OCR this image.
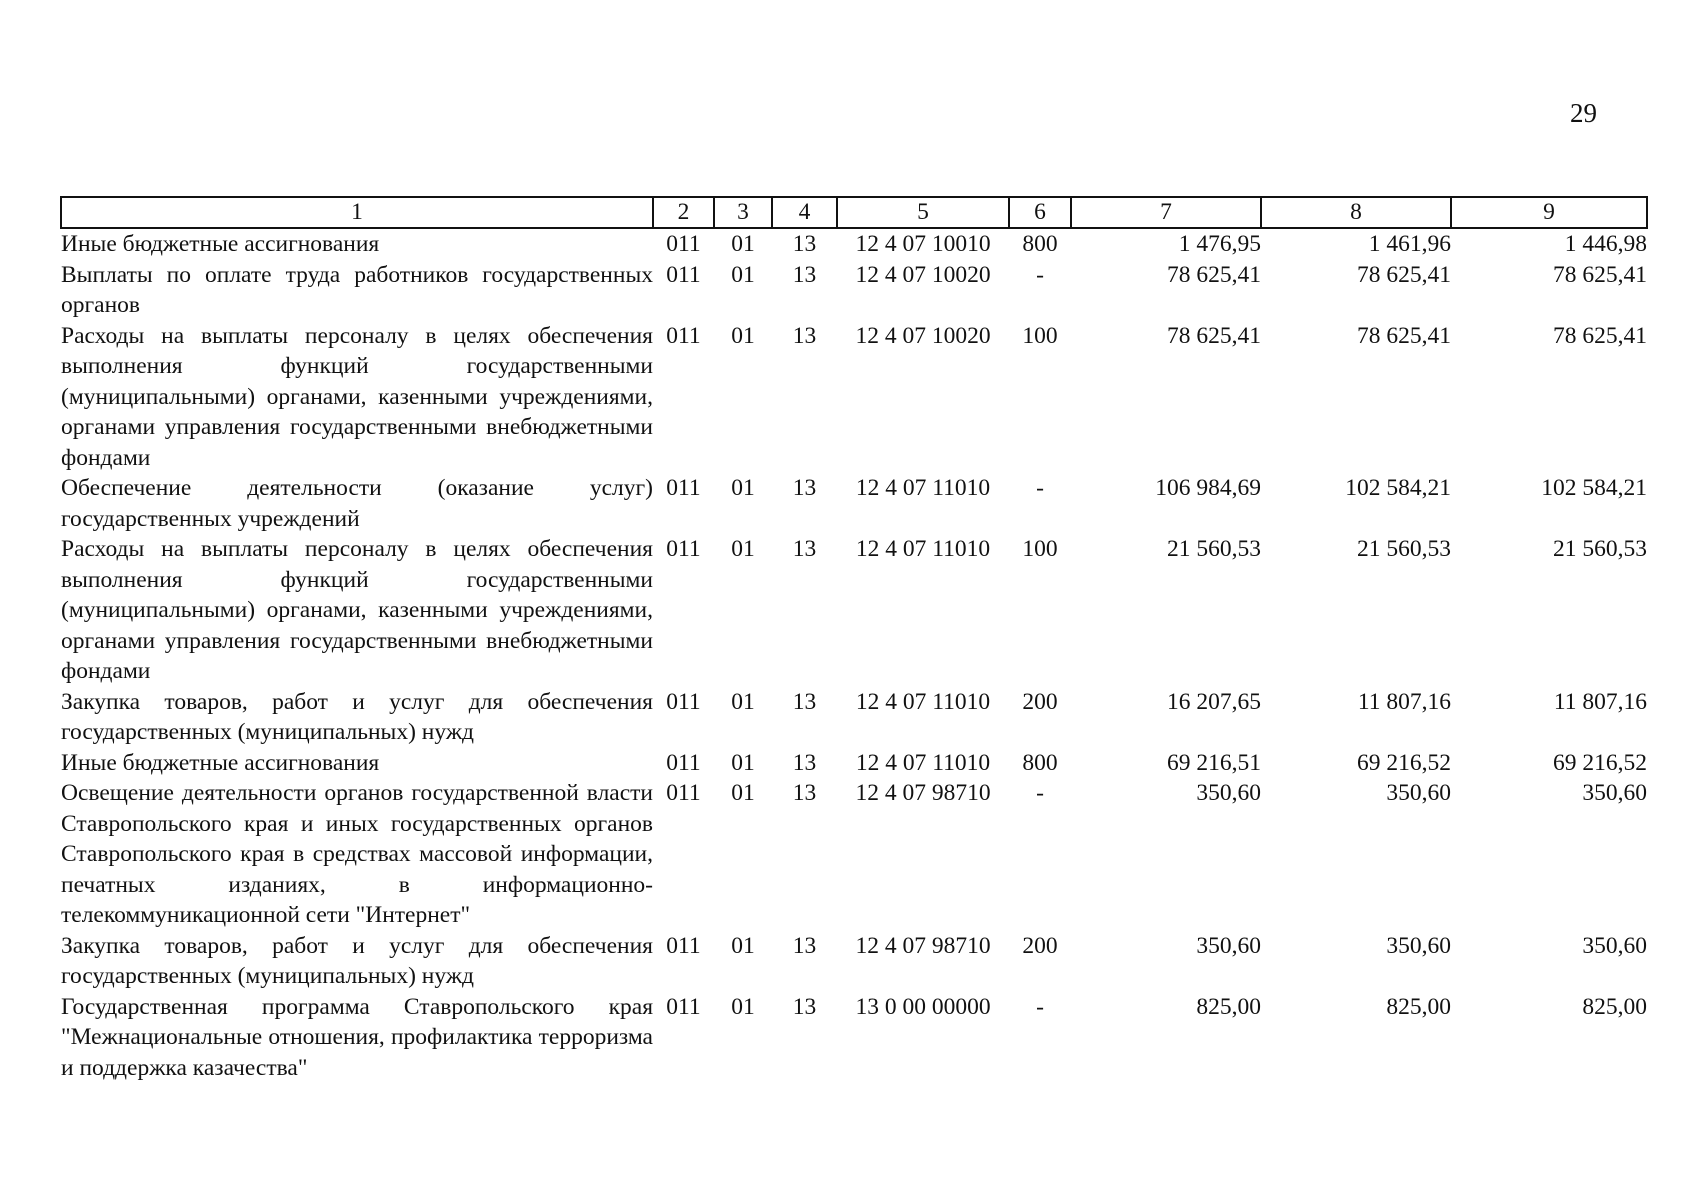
29
1	2	3	4	5	6	7	8	9
Иные бюджетные ассигнования	011	01	13	12 4 07 10010	800	1 476,95	1 461,96	1 446,98
Выплаты по оплате труда работников государственных органов	011	01	13	12 4 07 10020	-	78 625,41	78 625,41	78 625,41
Расходы на выплаты персоналу в целях обеспечения выполнения функций государственными (муниципальными) органами, казенными учреждениями, органами управления государственными внебюджетными фондами	011	01	13	12 4 07 10020	100	78 625,41	78 625,41	78 625,41
Обеспечение деятельности (оказание услуг) государственных учреждений	011	01	13	12 4 07 11010	-	106 984,69	102 584,21	102 584,21
Расходы на выплаты персоналу в целях обеспечения выполнения функций государственными (муниципальными) органами, казенными учреждениями, органами управления государственными внебюджетными фондами	011	01	13	12 4 07 11010	100	21 560,53	21 560,53	21 560,53
Закупка товаров, работ и услуг для обеспечения государственных (муниципальных) нужд	011	01	13	12 4 07 11010	200	16 207,65	11 807,16	11 807,16
Иные бюджетные ассигнования	011	01	13	12 4 07 11010	800	69 216,51	69 216,52	69 216,52
Освещение деятельности органов государственной власти Ставропольского края и иных государственных органов Ставропольского края в средствах массовой информации, печатных изданиях, в информационно-телекоммуникационной сети "Интернет"	011	01	13	12 4 07 98710	-	350,60	350,60	350,60
Закупка товаров, работ и услуг для обеспечения государственных (муниципальных) нужд	011	01	13	12 4 07 98710	200	350,60	350,60	350,60
Государственная программа Ставропольского края "Межнациональные отношения, профилактика терроризма и поддержка казачества"	011	01	13	13 0 00 00000	-	825,00	825,00	825,00
